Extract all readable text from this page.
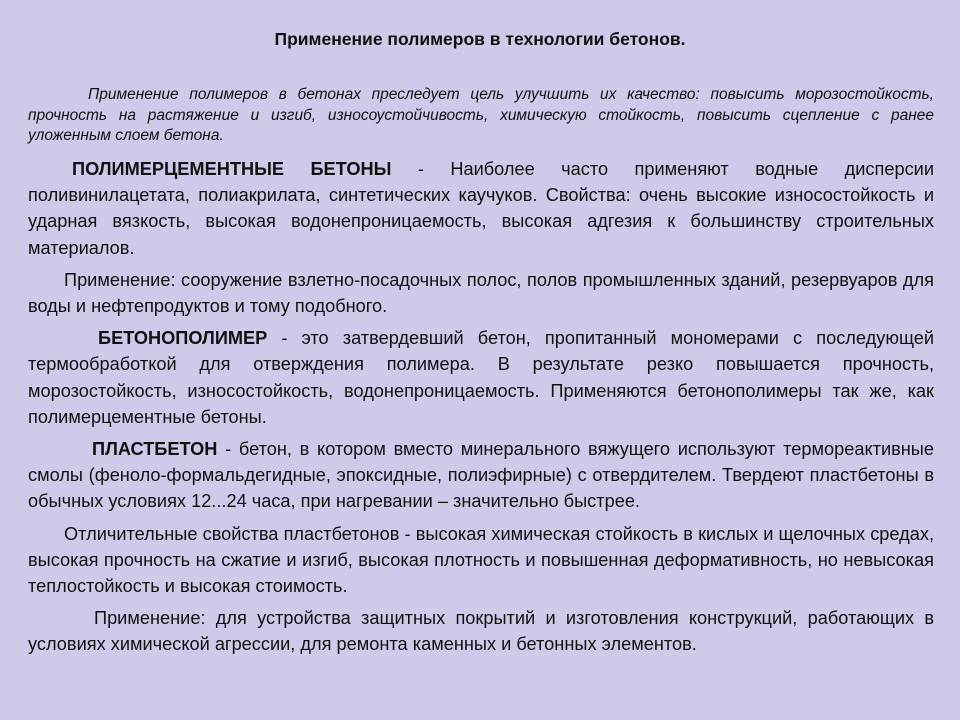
Применение полимеров в технологии бетонов.
Применение полимеров в бетонах преследует цель улучшить их качество: повысить морозостойкость, прочность на растяжение и изгиб, износоустойчивость, химическую стойкость, повысить сцепление с ранее уложенным слоем бетона.

ПОЛИМЕРЦЕМЕНТНЫЕ БЕТОНЫ - Наиболее часто применяют водные дисперсии поливинилацетата, полиакрилата, синтетических каучуков. Свойства: очень высокие износостойкость и ударная вязкость, высокая водонепроницаемость, высокая адгезия к большинству строительных материалов.

Применение: сооружение взлетно-посадочных полос, полов промышленных зданий, резервуаров для воды и нефтепродуктов и тому подобного.

БЕТОНОПОЛИМЕР - это затвердевший бетон, пропитанный мономерами с последующей термообработкой для отверждения полимера. В результате резко повышается прочность, морозостойкость, износостойкость, водонепроницаемость. Применяются бетонополимеры так же, как полимерцементные бетоны.

ПЛАСТБЕТОН - бетон, в котором вместо минерального вяжущего используют термореактивные смолы (феноло-формальдегидные, эпоксидные, полиэфирные) с отвердителем. Твердеют пластбетоны в обычных условиях 12...24 часа, при нагревании – значительно быстрее.

Отличительные свойства пластбетонов - высокая химическая стойкость в кислых и щелочных средах, высокая прочность на сжатие и изгиб, высокая плотность и повышенная деформативность, но невысокая теплостойкость и высокая стоимость.

Применение: для устройства защитных покрытий и изготовления конструкций, работающих в условиях химической агрессии, для ремонта каменных и бетонных элементов.
